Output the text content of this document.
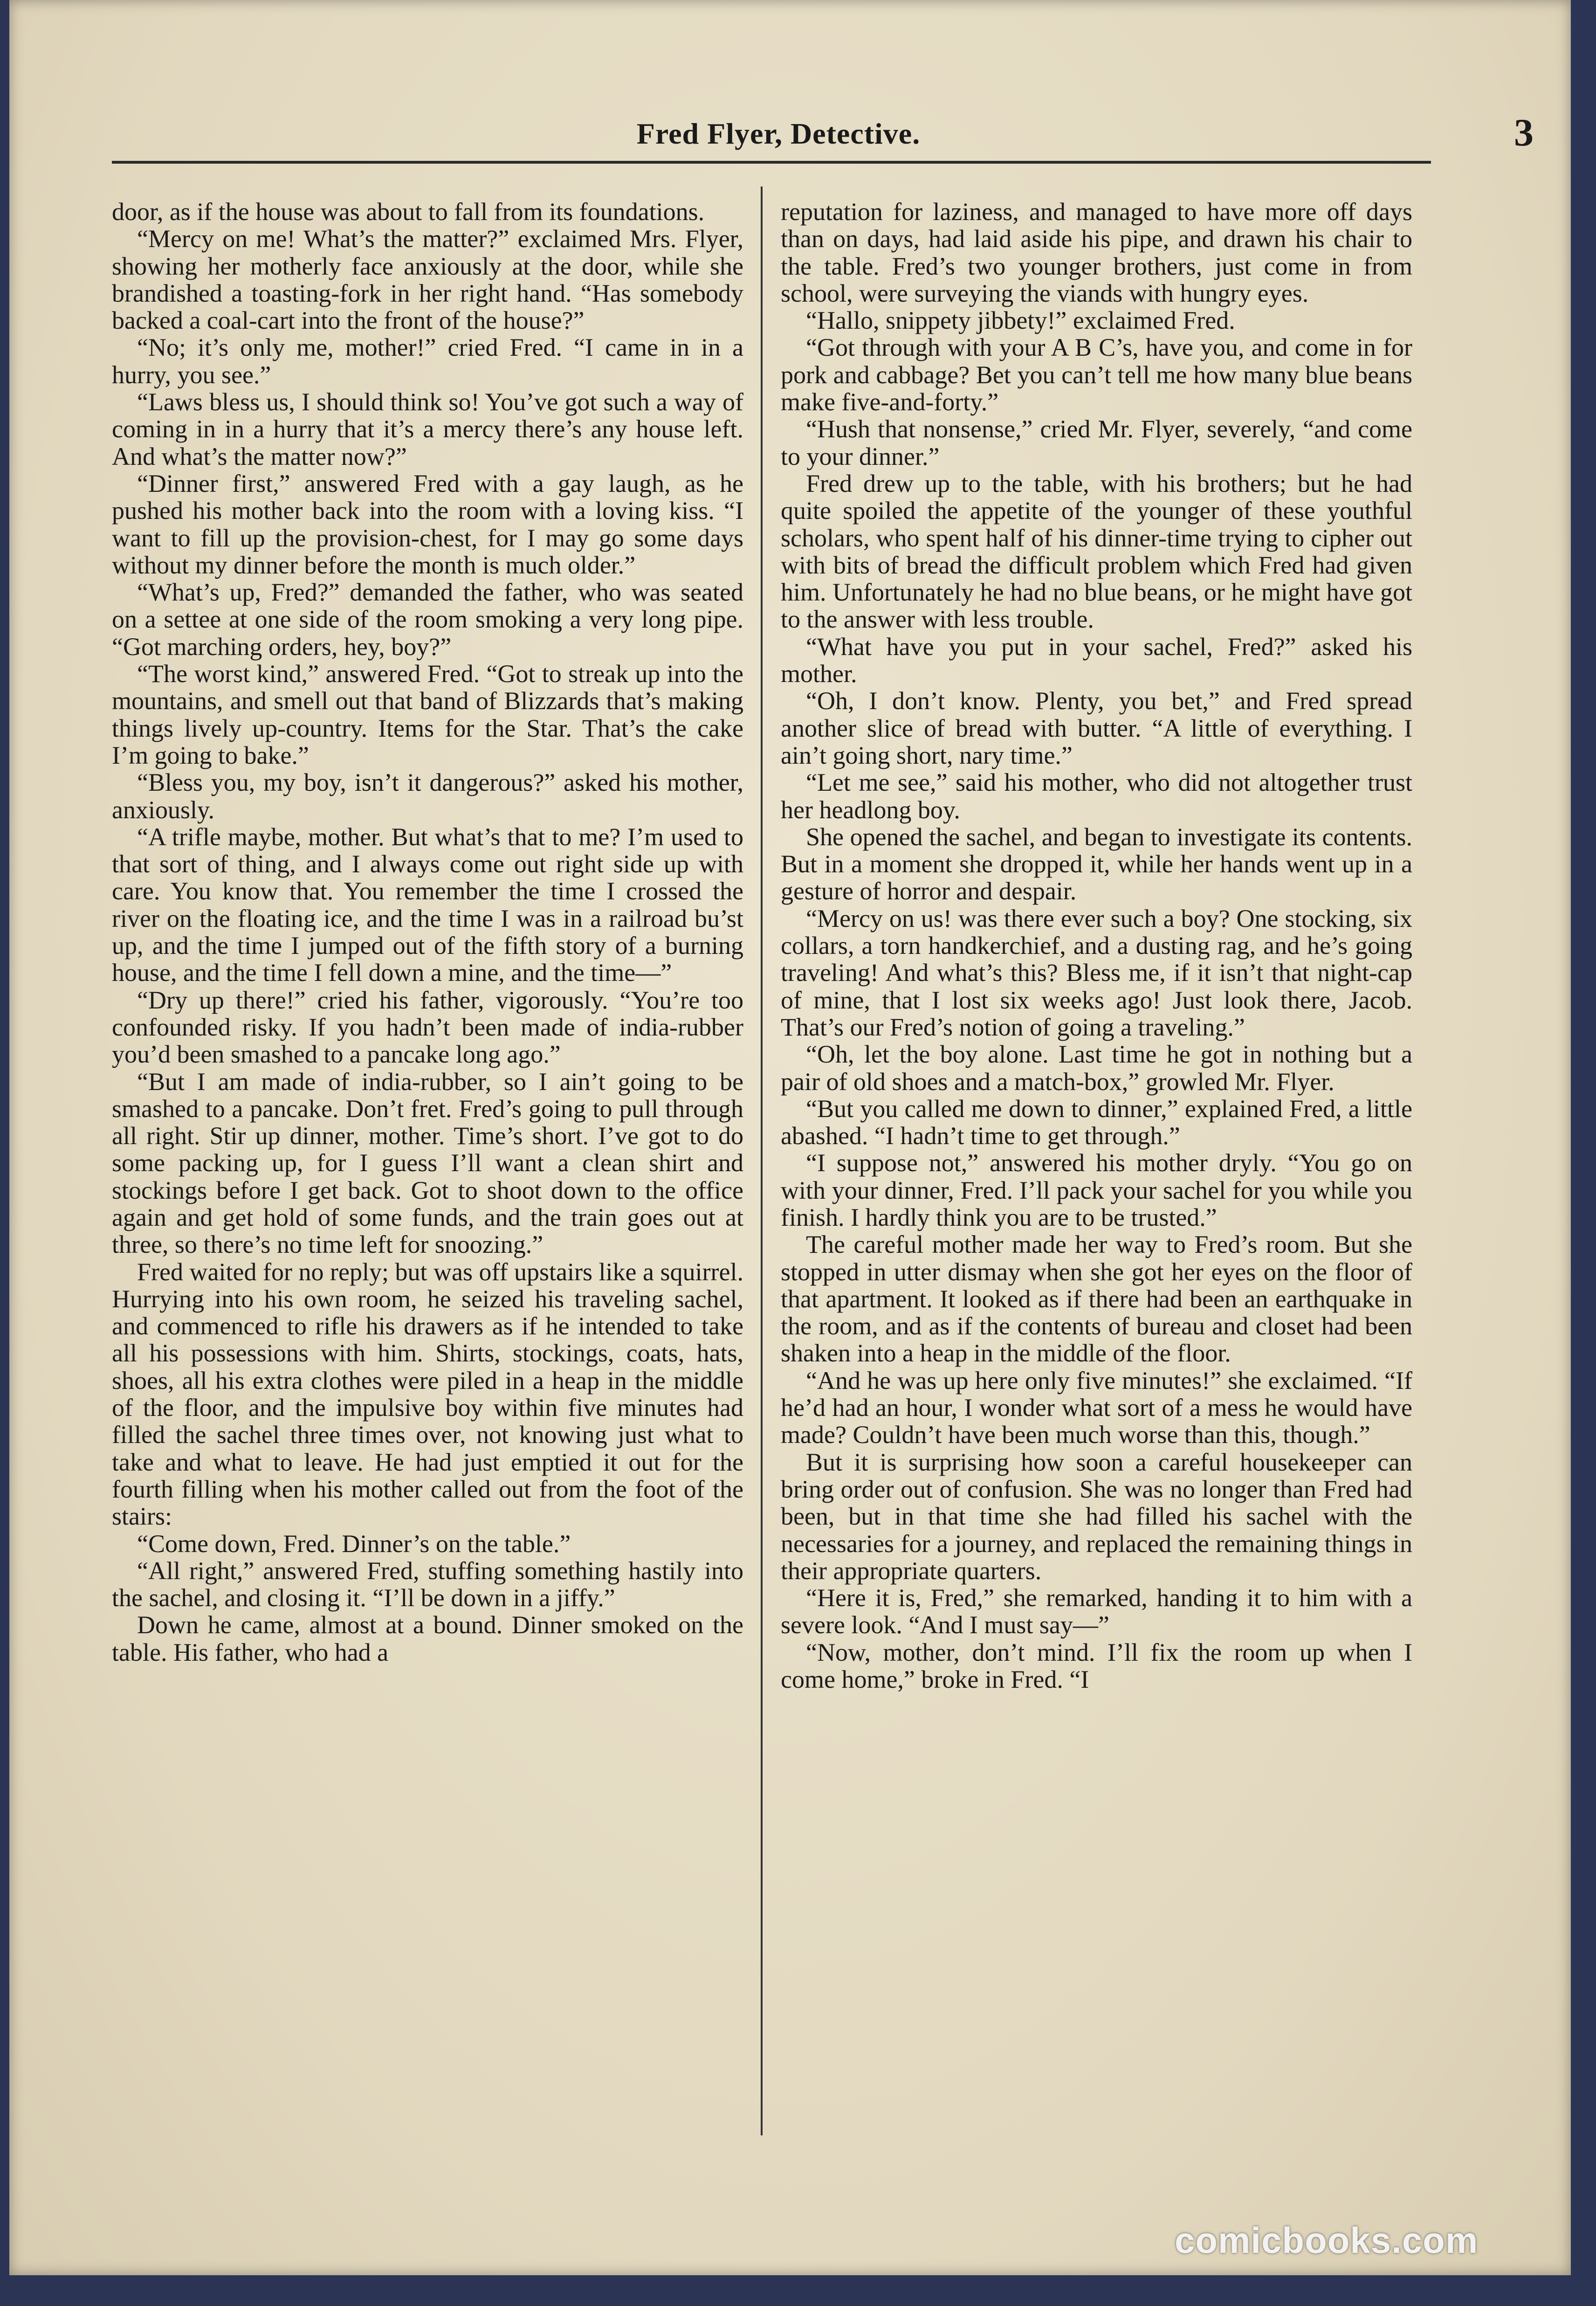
Fred Flyer, Detective.	3

door, as if the house was about to fall from its foundations.

“Mercy on me! What’s the matter?” exclaimed Mrs. Flyer, showing her motherly face anxiously at the door, while she brandished a toasting-fork in her right hand. “Has somebody backed a coal-cart into the front of the house?”

“No; it’s only me, mother!” cried Fred. “I came in in a hurry, you see.”

“Laws bless us, I should think so! You’ve got such a way of coming in in a hurry that it’s a mercy there’s any house left. And what’s the matter now?”

“Dinner first,” answered Fred with a gay laugh, as he pushed his mother back into the room with a loving kiss. “I want to fill up the provision-chest, for I may go some days without my dinner before the month is much older.”

“What’s up, Fred?” demanded the father, who was seated on a settee at one side of the room smoking a very long pipe. “Got marching orders, hey, boy?”

“The worst kind,” answered Fred. “Got to streak up into the mountains, and smell out that band of Blizzards that’s making things lively up-country. Items for the Star. That’s the cake I’m going to bake.”

“Bless you, my boy, isn’t it dangerous?” asked his mother, anxiously.

“A trifle maybe, mother. But what’s that to me? I’m used to that sort of thing, and I always come out right side up with care. You know that. You remember the time I crossed the river on the floating ice, and the time I was in a railroad bu’st up, and the time I jumped out of the fifth story of a burning house, and the time I fell down a mine, and the time—”

“Dry up there!” cried his father, vigorously. “You’re too confounded risky. If you hadn’t been made of india-rubber you’d been smashed to a pancake long ago.”

“But I am made of india-rubber, so I ain’t going to be smashed to a pancake. Don’t fret. Fred’s going to pull through all right. Stir up dinner, mother. Time’s short. I’ve got to do some packing up, for I guess I’ll want a clean shirt and stockings before I get back. Got to shoot down to the office again and get hold of some funds, and the train goes out at three, so there’s no time left for snoozing.”

Fred waited for no reply; but was off upstairs like a squirrel. Hurrying into his own room, he seized his traveling sachel, and commenced to rifle his drawers as if he intended to take all his possessions with him. Shirts, stockings, coats, hats, shoes, all his extra clothes were piled in a heap in the middle of the floor, and the impulsive boy within five minutes had filled the sachel three times over, not knowing just what to take and what to leave. He had just emptied it out for the fourth filling when his mother called out from the foot of the stairs:

“Come down, Fred. Dinner’s on the table.”

“All right,” answered Fred, stuffing something hastily into the sachel, and closing it. “I’ll be down in a jiffy.”

Down he came, almost at a bound. Dinner smoked on the table. His father, who had a

reputation for laziness, and managed to have more off days than on days, had laid aside his pipe, and drawn his chair to the table. Fred’s two younger brothers, just come in from school, were surveying the viands with hungry eyes.

“Hallo, snippety jibbety!” exclaimed Fred.

“Got through with your A B C’s, have you, and come in for pork and cabbage? Bet you can’t tell me how many blue beans make five-and-forty.”

“Hush that nonsense,” cried Mr. Flyer, severely, “and come to your dinner.”

Fred drew up to the table, with his brothers; but he had quite spoiled the appetite of the younger of these youthful scholars, who spent half of his dinner-time trying to cipher out with bits of bread the difficult problem which Fred had given him. Unfortunately he had no blue beans, or he might have got to the answer with less trouble.

“What have you put in your sachel, Fred?” asked his mother.

“Oh, I don’t know. Plenty, you bet,” and Fred spread another slice of bread with butter. “A little of everything. I ain’t going short, nary time.”

“Let me see,” said his mother, who did not altogether trust her headlong boy.

She opened the sachel, and began to investigate its contents. But in a moment she dropped it, while her hands went up in a gesture of horror and despair.

“Mercy on us! was there ever such a boy? One stocking, six collars, a torn handkerchief, and a dusting rag, and he’s going traveling! And what’s this? Bless me, if it isn’t that night-cap of mine, that I lost six weeks ago! Just look there, Jacob. That’s our Fred’s notion of going a traveling.”

“Oh, let the boy alone. Last time he got in nothing but a pair of old shoes and a match-box,” growled Mr. Flyer.

“But you called me down to dinner,” explained Fred, a little abashed. “I hadn’t time to get through.”

“I suppose not,” answered his mother dryly. “You go on with your dinner, Fred. I’ll pack your sachel for you while you finish. I hardly think you are to be trusted.”

The careful mother made her way to Fred’s room. But she stopped in utter dismay when she got her eyes on the floor of that apartment. It looked as if there had been an earthquake in the room, and as if the contents of bureau and closet had been shaken into a heap in the middle of the floor.

“And he was up here only five minutes!” she exclaimed. “If he’d had an hour, I wonder what sort of a mess he would have made? Couldn’t have been much worse than this, though.”

But it is surprising how soon a careful housekeeper can bring order out of confusion. She was no longer than Fred had been, but in that time she had filled his sachel with the necessaries for a journey, and replaced the remaining things in their appropriate quarters.

“Here it is, Fred,” she remarked, handing it to him with a severe look. “And I must say—”

“Now, mother, don’t mind. I’ll fix the room up when I come home,” broke in Fred. “I

comicbooks.com
